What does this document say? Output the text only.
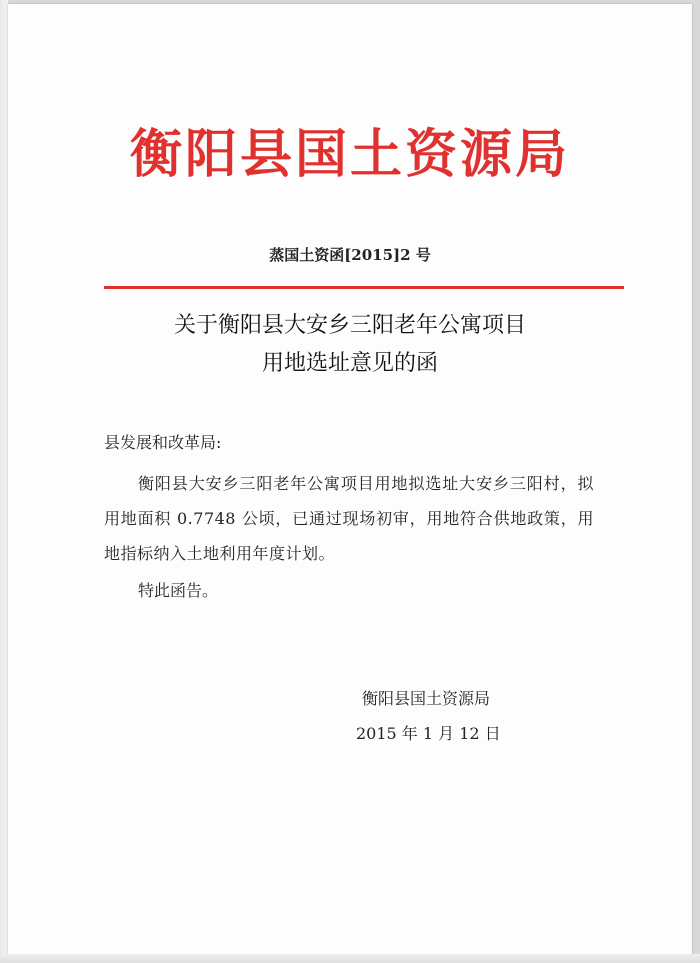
衡阳县国土资源局
蒸国土资函[2015]2 号
关于衡阳县大安乡三阳老年公寓项目
用地选址意见的函
县发展和改革局:
衡阳县大安乡三阳老年公寓项目用地拟选址大安乡三阳村，拟用地面积 0.7748 公顷，已通过现场初审，用地符合供地政策，用地指标纳入土地利用年度计划。
特此函告。
衡阳县国土资源局
2015 年 1 月 12 日
